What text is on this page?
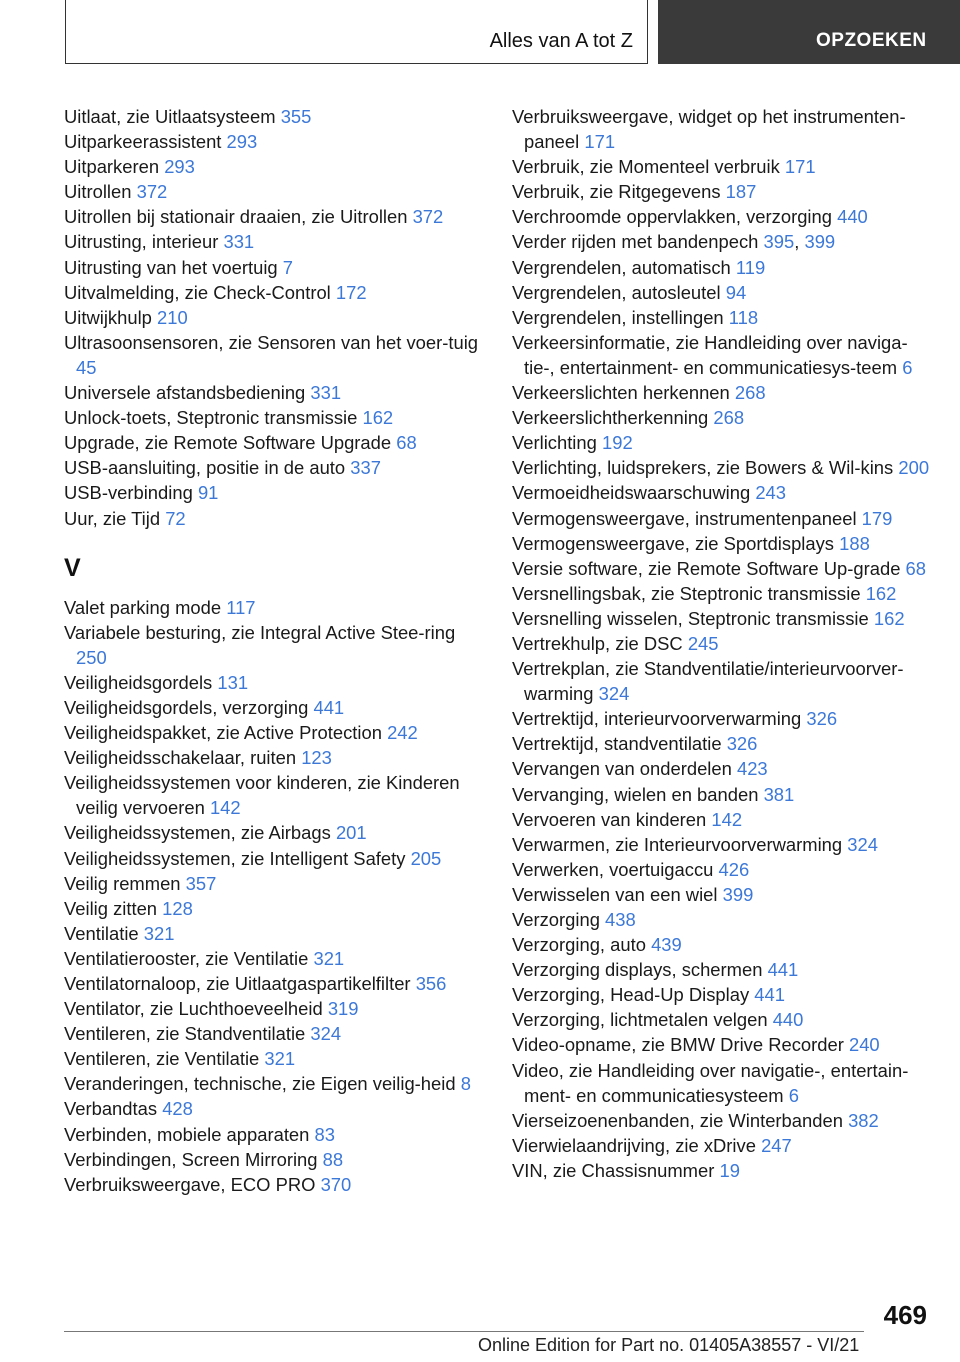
Alles van A tot Z	OPZOEKEN
Uitlaat, zie Uitlaatsysteem 355
Uitparkeerassistent 293
Uitparkeren 293
Uitrollen 372
Uitrollen bij stationair draaien, zie Uitrollen 372
Uitrusting, interieur 331
Uitrusting van het voertuig 7
Uitvalmelding, zie Check-Control 172
Uitwijkhulp 210
Ultrasoonsensoren, zie Sensoren van het voer-tuig 45
Universele afstandsbediening 331
Unlock-toets, Steptronic transmissie 162
Upgrade, zie Remote Software Upgrade 68
USB-aansluiting, positie in de auto 337
USB-verbinding 91
Uur, zie Tijd 72
V
Valet parking mode 117
Variabele besturing, zie Integral Active Stee-ring 250
Veiligheidsgordels 131
Veiligheidsgordels, verzorging 441
Veiligheidspakket, zie Active Protection 242
Veiligheidsschakelaar, ruiten 123
Veiligheidssystemen voor kinderen, zie Kinderen veilig vervoeren 142
Veiligheidssystemen, zie Airbags 201
Veiligheidssystemen, zie Intelligent Safety 205
Veilig remmen 357
Veilig zitten 128
Ventilatie 321
Ventilatierooster, zie Ventilatie 321
Ventilatornaloop, zie Uitlaatgaspartikelfilter 356
Ventilator, zie Luchthoeveelheid 319
Ventileren, zie Standventilatie 324
Ventileren, zie Ventilatie 321
Veranderingen, technische, zie Eigen veilig-heid 8
Verbandtas 428
Verbinden, mobiele apparaten 83
Verbindingen, Screen Mirroring 88
Verbruiksweergave, ECO PRO 370
Verbruiksweergave, widget op het instrumenten-paneel 171
Verbruik, zie Momenteel verbruik 171
Verbruik, zie Ritgegevens 187
Verchroomde oppervlakken, verzorging 440
Verder rijden met bandenpech 395, 399
Vergrendelen, automatisch 119
Vergrendelen, autosleutel 94
Vergrendelen, instellingen 118
Verkeersinformatie, zie Handleiding over naviga-tie-, entertainment- en communicatiesys-teem 6
Verkeerslichten herkennen 268
Verkeerslichtherkenning 268
Verlichting 192
Verlichting, luidsprekers, zie Bowers & Wil-kins 200
Vermoeidheidswaarschuwing 243
Vermogensweergave, instrumentenpaneel 179
Vermogensweergave, zie Sportdisplays 188
Versie software, zie Remote Software Up-grade 68
Versnellingsbak, zie Steptronic transmissie 162
Versnelling wisselen, Steptronic transmissie 162
Vertrekhulp, zie DSC 245
Vertrekplan, zie Standventilatie/interieurvoorver-warming 324
Vertrektijd, interieurvoorverwarming 326
Vertrektijd, standventilatie 326
Vervangen van onderdelen 423
Vervanging, wielen en banden 381
Vervoeren van kinderen 142
Verwarmen, zie Interieurvoorverwarming 324
Verwerken, voertuigaccu 426
Verwisselen van een wiel 399
Verzorging 438
Verzorging, auto 439
Verzorging displays, schermen 441
Verzorging, Head-Up Display 441
Verzorging, lichtmetalen velgen 440
Video-opname, zie BMW Drive Recorder 240
Video, zie Handleiding over navigatie-, entertain-ment- en communicatiesysteem 6
Vierseizoenenbanden, zie Winterbanden 382
Vierwielaandrijving, zie xDrive 247
VIN, zie Chassisnummer 19
469
Online Edition for Part no. 01405A38557 - VI/21
